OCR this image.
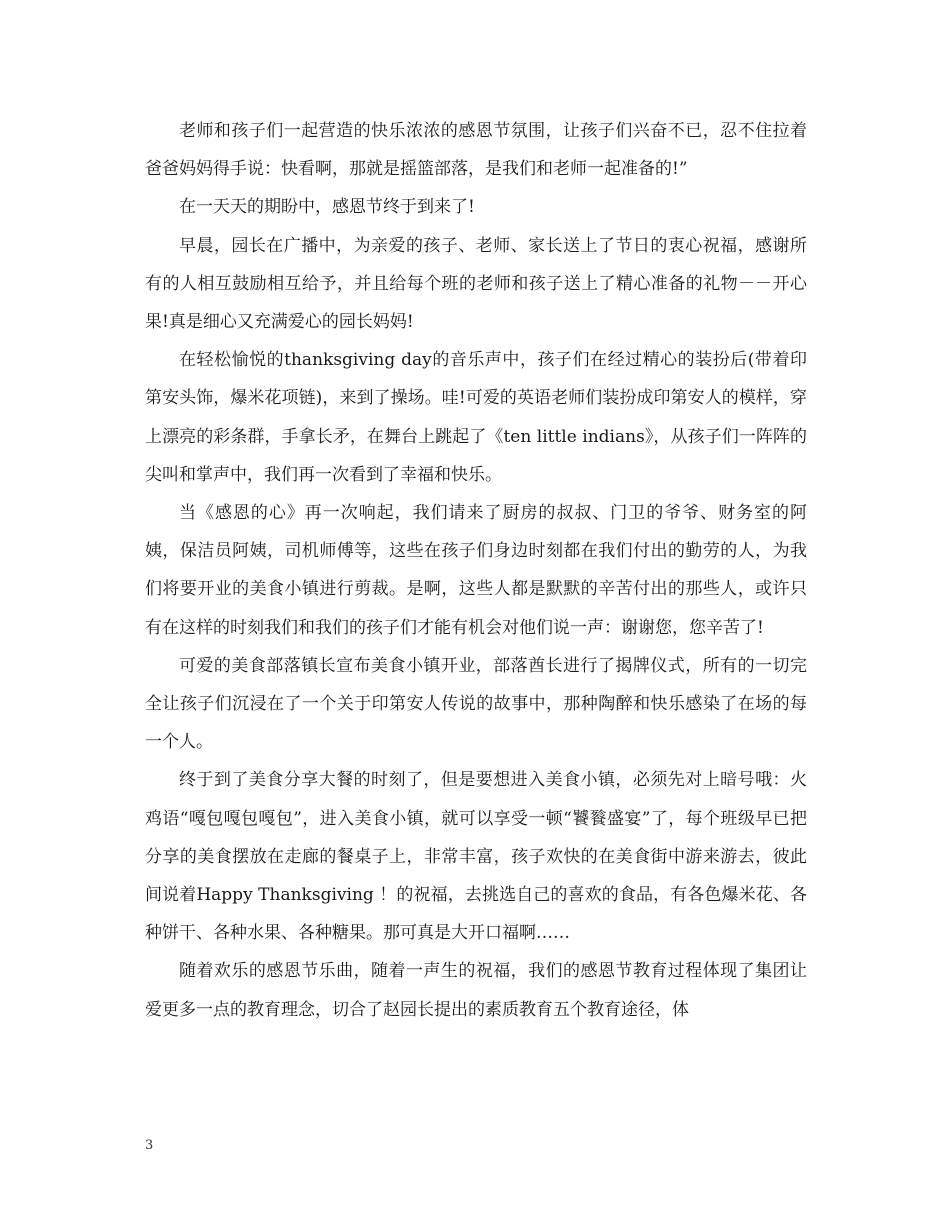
老师和孩子们一起营造的快乐浓浓的感恩节氛围，让孩子们兴奋不已，忍不住拉着爸爸妈妈得手说：快看啊，那就是摇篮部落，是我们和老师一起准备的!”

在一天天的期盼中，感恩节终于到来了!

早晨，园长在广播中，为亲爱的孩子、老师、家长送上了节日的衷心祝福，感谢所有的人相互鼓励相互给予，并且给每个班的老师和孩子送上了精心准备的礼物－－开心果!真是细心又充满爱心的园长妈妈!

在轻松愉悦的thanksgiving day的音乐声中，孩子们在经过精心的装扮后(带着印第安头饰，爆米花项链)，来到了操场。哇!可爱的英语老师们装扮成印第安人的模样，穿上漂亮的彩条群，手拿长矛，在舞台上跳起了《ten little indians》，从孩子们一阵阵的尖叫和掌声中，我们再一次看到了幸福和快乐。

当《感恩的心》再一次响起，我们请来了厨房的叔叔、门卫的爷爷、财务室的阿姨，保洁员阿姨，司机师傅等，这些在孩子们身边时刻都在我们付出的勤劳的人，为我们将要开业的美食小镇进行剪裁。是啊，这些人都是默默的辛苦付出的那些人，或许只有在这样的时刻我们和我们的孩子们才能有机会对他们说一声：谢谢您，您辛苦了!

可爱的美食部落镇长宣布美食小镇开业，部落酋长进行了揭牌仪式，所有的一切完全让孩子们沉浸在了一个关于印第安人传说的故事中，那种陶醉和快乐感染了在场的每一个人。

终于到了美食分享大餐的时刻了，但是要想进入美食小镇，必须先对上暗号哦：火鸡语“嘎包嘎包嘎包”，进入美食小镇，就可以享受一顿“饕餮盛宴”了，每个班级早已把分享的美食摆放在走廊的餐桌子上，非常丰富，孩子欢快的在美食街中游来游去，彼此间说着Happy Thanksgiving ！的祝福，去挑选自己的喜欢的食品，有各色爆米花、各种饼干、各种水果、各种糖果。那可真是大开口福啊……

随着欢乐的感恩节乐曲，随着一声生的祝福，我们的感恩节教育过程体现了集团让爱更多一点的教育理念，切合了赵园长提出的素质教育五个教育途径，体

3
